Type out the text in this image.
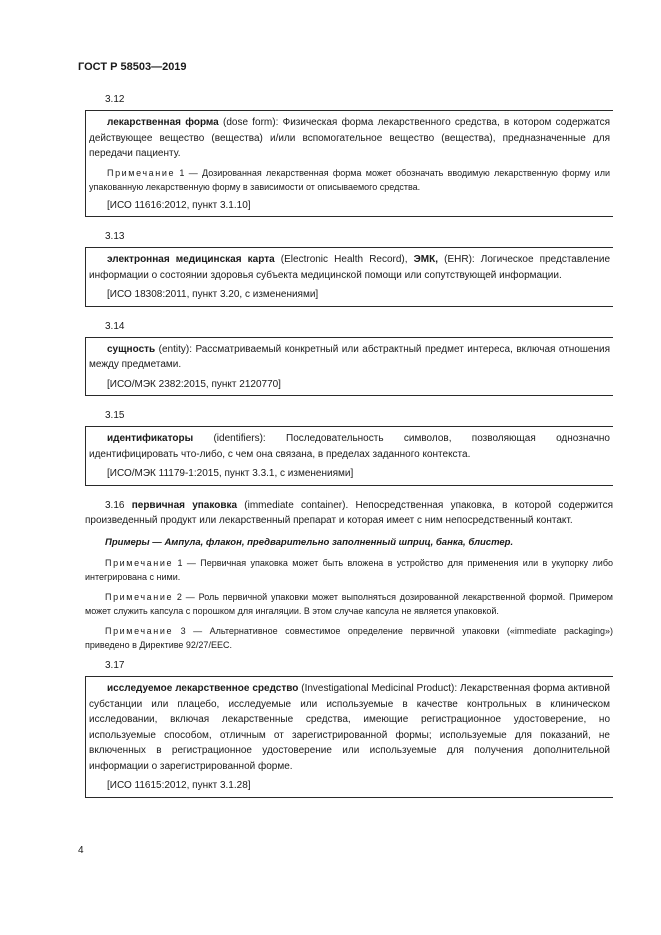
ГОСТ Р 58503—2019
3.12

лекарственная форма (dose form): Физическая форма лекарственного средства, в котором содержатся действующее вещество (вещества) и/или вспомогательное вещество (вещества), предназначенные для передачи пациенту.

Примечание 1 — Дозированная лекарственная форма может обозначать вводимую лекарственную форму или упакованную лекарственную форму в зависимости от описываемого средства.

[ИСО 11616:2012, пункт 3.1.10]

3.13

электронная медицинская карта (Electronic Health Record), ЭМК, (EHR): Логическое представление информации о состоянии здоровья субъекта медицинской помощи или сопутствующей информации.

[ИСО 18308:2011, пункт 3.20, с изменениями]

3.14

сущность (entity): Рассматриваемый конкретный или абстрактный предмет интереса, включая отношения между предметами.

[ИСО/МЭК 2382:2015, пункт 2120770]

3.15

идентификаторы (identifiers): Последовательность символов, позволяющая однозначно идентифицировать что-либо, с чем она связана, в пределах заданного контекста.

[ИСО/МЭК 11179-1:2015, пункт 3.3.1, с изменениями]

3.16 первичная упаковка (immediate container). Непосредственная упаковка, в которой содержится произведенный продукт или лекарственный препарат и которая имеет с ним непосредственный контакт.

Примеры — Ампула, флакон, предварительно заполненный шприц, банка, блистер.

Примечание 1 — Первичная упаковка может быть вложена в устройство для применения или в укупорку либо интегрирована с ними.

Примечание 2 — Роль первичной упаковки может выполняться дозированной лекарственной формой. Примером может служить капсула с порошком для ингаляции. В этом случае капсула не является упаковкой.

Примечание 3 — Альтернативное совместимое определение первичной упаковки («immediate packaging») приведено в Директиве 92/27/ЕЕС.

3.17

исследуемое лекарственное средство (Investigational Medicinal Product): Лекарственная форма активной субстанции или плацебо, исследуемые или используемые в качестве контрольных в клиническом исследовании, включая лекарственные средства, имеющие регистрационное удостоверение, но используемые способом, отличным от зарегистрированной формы; используемые для показаний, не включенных в регистрационное удостоверение или используемые для получения дополнительной информации о зарегистрированной форме.

[ИСО 11615:2012, пункт 3.1.28]

4
